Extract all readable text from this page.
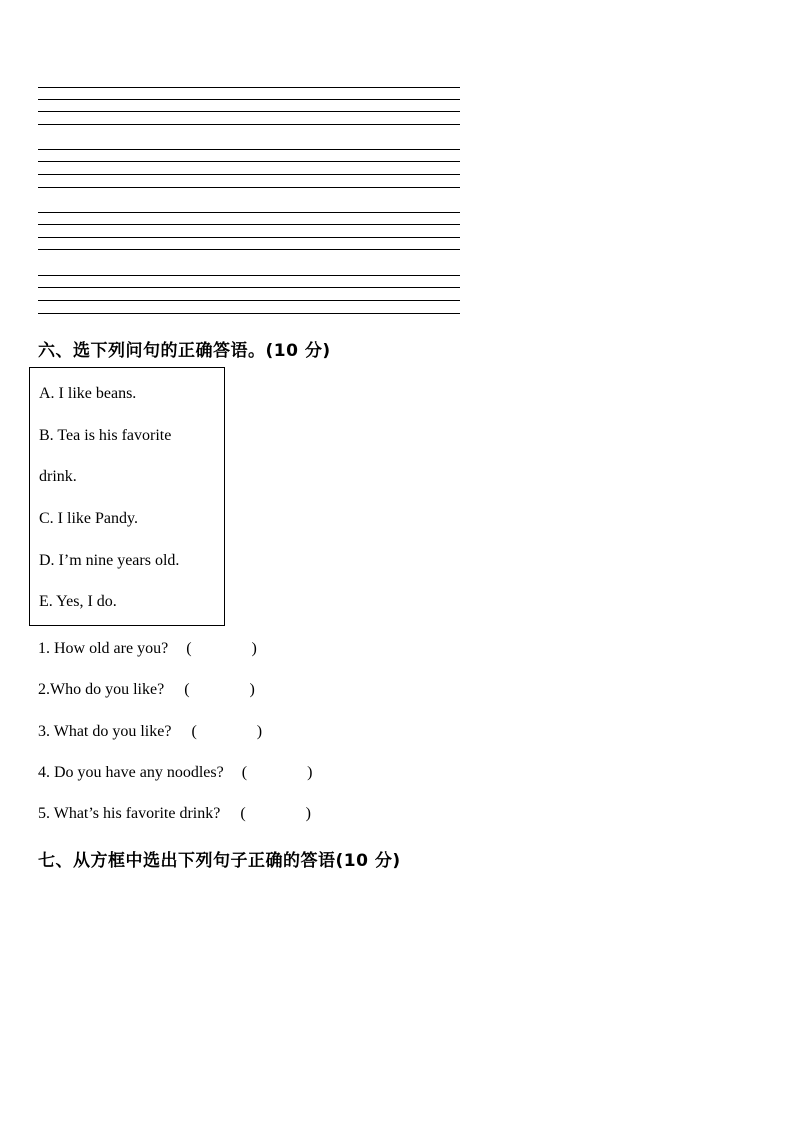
六、选下列问句的正确答语。(10 分)
A. I like beans.
B. Tea is his favorite
drink.
C. I like Pandy.
D. I’m nine years old.
E. Yes, I do.
1. How old are you? (	)
2.Who do you like? (	)
3. What do you like? (	)
4. Do you have any noodles? (	)
5. What’s his favorite drink? (	)
七、从方框中选出下列句子正确的答语(10 分)
